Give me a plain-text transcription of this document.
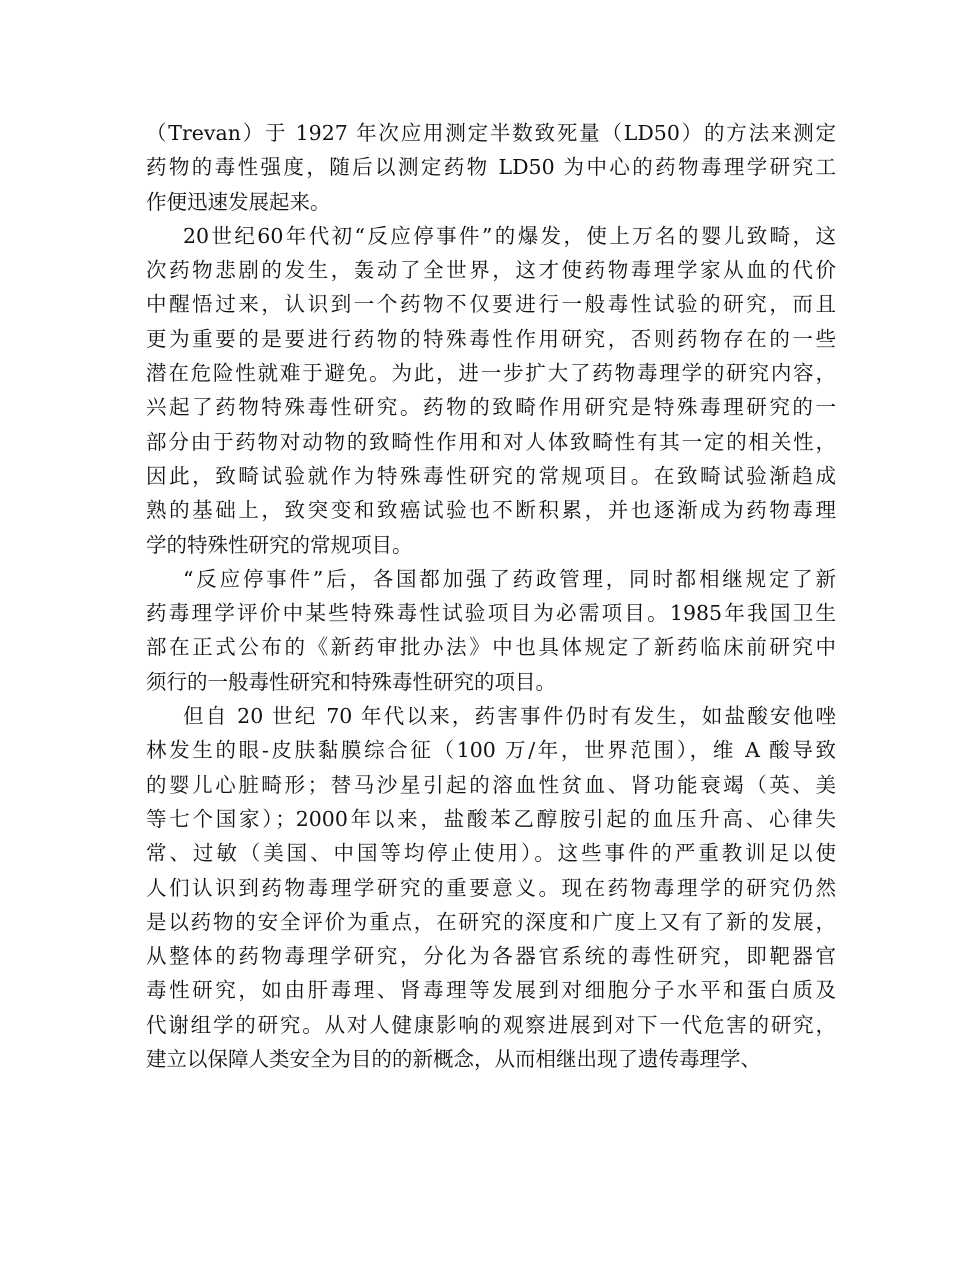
（Trevan）于 1927 年次应用测定半数致死量（LD50）的方法来测定
药物的毒性强度，随后以测定药物 LD50 为中心的药物毒理学研究工
作便迅速发展起来。
20世纪60年代初“反应停事件”的爆发，使上万名的婴儿致畸，这
次药物悲剧的发生，轰动了全世界，这才使药物毒理学家从血的代价
中醒悟过来，认识到一个药物不仅要进行一般毒性试验的研究，而且
更为重要的是要进行药物的特殊毒性作用研究，否则药物存在的一些
潜在危险性就难于避免。为此，进一步扩大了药物毒理学的研究内容，
兴起了药物特殊毒性研究。药物的致畸作用研究是特殊毒理研究的一
部分由于药物对动物的致畸性作用和对人体致畸性有其一定的相关性，
因此，致畸试验就作为特殊毒性研究的常规项目。在致畸试验渐趋成
熟的基础上，致突变和致癌试验也不断积累，并也逐渐成为药物毒理
学的特殊性研究的常规项目。
“反应停事件”后，各国都加强了药政管理，同时都相继规定了新
药毒理学评价中某些特殊毒性试验项目为必需项目。1985年我国卫生
部在正式公布的《新药审批办法》中也具体规定了新药临床前研究中
须行的一般毒性研究和特殊毒性研究的项目。
但自 20 世纪 70 年代以来，药害事件仍时有发生，如盐酸安他唑
林发生的眼-皮肤黏膜综合征（100 万/年，世界范围），维 A 酸导致
的婴儿心脏畸形；替马沙星引起的溶血性贫血、肾功能衰竭（英、美
等七个国家）；2000年以来，盐酸苯乙醇胺引起的血压升高、心律失
常、过敏（美国、中国等均停止使用）。这些事件的严重教训足以使
人们认识到药物毒理学研究的重要意义。现在药物毒理学的研究仍然
是以药物的安全评价为重点，在研究的深度和广度上又有了新的发展，
从整体的药物毒理学研究，分化为各器官系统的毒性研究，即靶器官
毒性研究，如由肝毒理、肾毒理等发展到对细胞分子水平和蛋白质及
代谢组学的研究。从对人健康影响的观察进展到对下一代危害的研究，
建立以保障人类安全为目的的新概念，从而相继出现了遗传毒理学、
